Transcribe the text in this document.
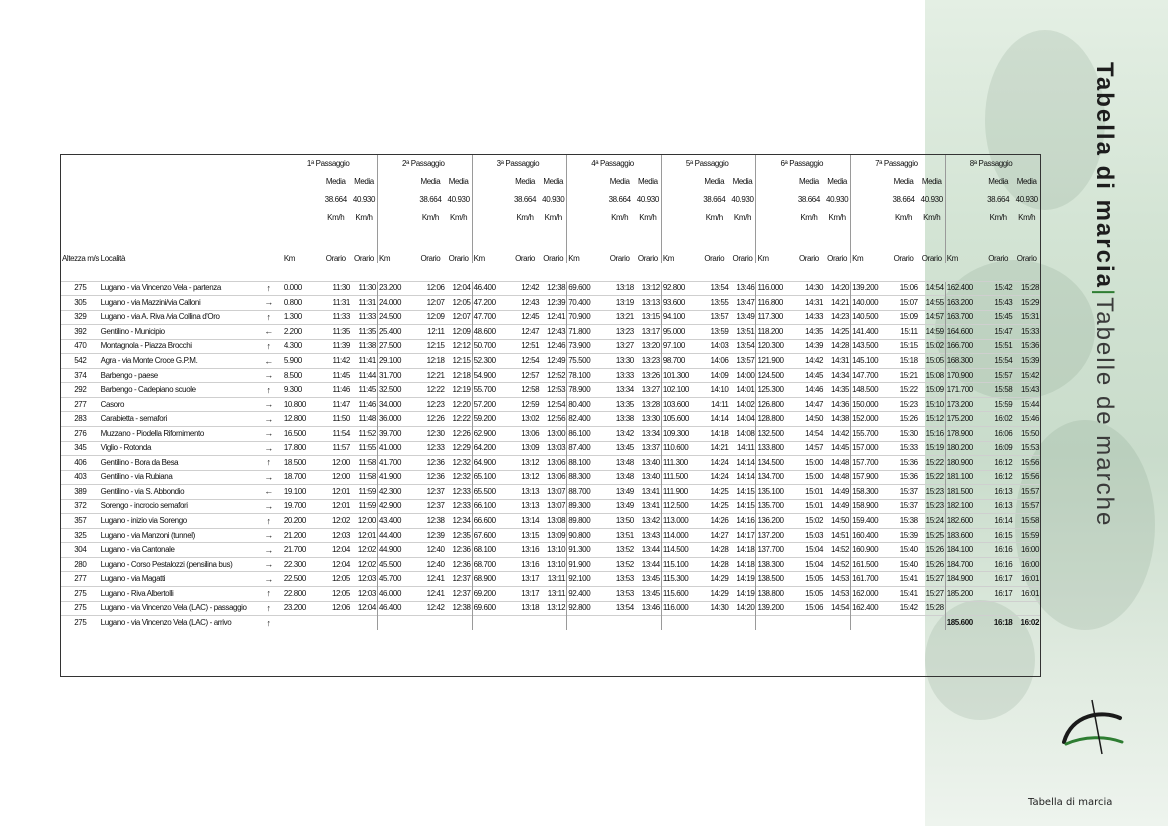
Tabella di marcia|Tabelle de marche
Tabella di marcia
			1$^a$ Passaggio			2$^a$ Passaggio			3$^a$ Passaggio			4$^a$ Passaggio			5$^a$ Passaggio			6$^a$ Passaggio			7$^a$ Passaggio			8$^a$ Passaggio		
				Media	Media		Media	Media		Media	Media		Media	Media		Media	Media		Media	Media		Media	Media		Media	Media
				38.664	40.930		38.664	40.930		38.664	40.930		38.664	40.930		38.664	40.930		38.664	40.930		38.664	40.930		38.664	40.930
				Km/h	Km/h		Km/h	Km/h		Km/h	Km/h		Km/h	Km/h		Km/h	Km/h		Km/h	Km/h		Km/h	Km/h		Km/h	Km/h
Altezza m/s	Località		Km	Orario	Orario	Km	Orario	Orario	Km	Orario	Orario	Km	Orario	Orario	Km	Orario	Orario	Km	Orario	Orario	Km	Orario	Orario	Km	Orario	Orario

275	Lugano - via Vincenzo Vela - partenza	↑	0.000	11:30	11:30	23.200	12:06	12:04	46.400	12:42	12:38	69.600	13:18	13:12	92.800	13:54	13:46	116.000	14:30	14:20	139.200	15:06	14:54	162.400	15:42	15:28
305	Lugano - via Mazzini/via Calloni	→	0.800	11:31	11:31	24.000	12:07	12:05	47.200	12:43	12:39	70.400	13:19	13:13	93.600	13:55	13:47	116.800	14:31	14:21	140.000	15:07	14:55	163.200	15:43	15:29
329	Lugano - via A. Riva /via Collina d'Oro	↑	1.300	11:33	11:33	24.500	12:09	12:07	47.700	12:45	12:41	70.900	13:21	13:15	94.100	13:57	13:49	117.300	14:33	14:23	140.500	15:09	14:57	163.700	15:45	15:31
392	Gentilino - Municipio	←	2.200	11:35	11:35	25.400	12:11	12:09	48.600	12:47	12:43	71.800	13:23	13:17	95.000	13:59	13:51	118.200	14:35	14:25	141.400	15:11	14:59	164.600	15:47	15:33
470	Montagnola - Piazza Brocchi	↑	4.300	11:39	11:38	27.500	12:15	12:12	50.700	12:51	12:46	73.900	13:27	13:20	97.100	14:03	13:54	120.300	14:39	14:28	143.500	15:15	15:02	166.700	15:51	15:36
542	Agra - via Monte Croce G.P.M.	←	5.900	11:42	11:41	29.100	12:18	12:15	52.300	12:54	12:49	75.500	13:30	13:23	98.700	14:06	13:57	121.900	14:42	14:31	145.100	15:18	15:05	168.300	15:54	15:39
374	Barbengo - paese	→	8.500	11:45	11:44	31.700	12:21	12:18	54.900	12:57	12:52	78.100	13:33	13:26	101.300	14:09	14:00	124.500	14:45	14:34	147.700	15:21	15:08	170.900	15:57	15:42
292	Barbengo - Cadepiano scuole	↑	9.300	11:46	11:45	32.500	12:22	12:19	55.700	12:58	12:53	78.900	13:34	13:27	102.100	14:10	14:01	125.300	14:46	14:35	148.500	15:22	15:09	171.700	15:58	15:43
277	Casoro	→	10.800	11:47	11:46	34.000	12:23	12:20	57.200	12:59	12:54	80.400	13:35	13:28	103.600	14:11	14:02	126.800	14:47	14:36	150.000	15:23	15:10	173.200	15:59	15:44
283	Carabietta - semafori	→	12.800	11:50	11:48	36.000	12:26	12:22	59.200	13:02	12:56	82.400	13:38	13:30	105.600	14:14	14:04	128.800	14:50	14:38	152.000	15:26	15:12	175.200	16:02	15:46
276	Muzzano - Piodella Rifornimento	→	16.500	11:54	11:52	39.700	12:30	12:26	62.900	13:06	13:00	86.100	13:42	13:34	109.300	14:18	14:08	132.500	14:54	14:42	155.700	15:30	15:16	178.900	16:06	15:50
345	Viglio - Rotonda	→	17.800	11:57	11:55	41.000	12:33	12:29	64.200	13:09	13:03	87.400	13:45	13:37	110.600	14:21	14:11	133.800	14:57	14:45	157.000	15:33	15:19	180.200	16:09	15:53
406	Gentilino - Bora da Besa	↑	18.500	12:00	11:58	41.700	12:36	12:32	64.900	13:12	13:06	88.100	13:48	13:40	111.300	14:24	14:14	134.500	15:00	14:48	157.700	15:36	15:22	180.900	16:12	15:56
403	Gentilino - via Rubiana	→	18.700	12:00	11:58	41.900	12:36	12:32	65.100	13:12	13:06	88.300	13:48	13:40	111.500	14:24	14:14	134.700	15:00	14:48	157.900	15:36	15:22	181.100	16:12	15:56
389	Gentilino - via S. Abbondio	←	19.100	12:01	11:59	42.300	12:37	12:33	65.500	13:13	13:07	88.700	13:49	13:41	111.900	14:25	14:15	135.100	15:01	14:49	158.300	15:37	15:23	181.500	16:13	15:57
372	Sorengo - incrocio semafori	→	19.700	12:01	11:59	42.900	12:37	12:33	66.100	13:13	13:07	89.300	13:49	13:41	112.500	14:25	14:15	135.700	15:01	14:49	158.900	15:37	15:23	182.100	16:13	15:57
357	Lugano - inizio via Sorengo	↑	20.200	12:02	12:00	43.400	12:38	12:34	66.600	13:14	13:08	89.800	13:50	13:42	113.000	14:26	14:16	136.200	15:02	14:50	159.400	15:38	15:24	182.600	16:14	15:58
325	Lugano - via Manzoni (tunnel)	→	21.200	12:03	12:01	44.400	12:39	12:35	67.600	13:15	13:09	90.800	13:51	13:43	114.000	14:27	14:17	137.200	15:03	14:51	160.400	15:39	15:25	183.600	16:15	15:59
304	Lugano - via Cantonale	→	21.700	12:04	12:02	44.900	12:40	12:36	68.100	13:16	13:10	91.300	13:52	13:44	114.500	14:28	14:18	137.700	15:04	14:52	160.900	15:40	15:26	184.100	16:16	16:00
280	Lugano - Corso Pestalozzi (pensilina bus)	→	22.300	12:04	12:02	45.500	12:40	12:36	68.700	13:16	13:10	91.900	13:52	13:44	115.100	14:28	14:18	138.300	15:04	14:52	161.500	15:40	15:26	184.700	16:16	16:00
277	Lugano - via Magatti	→	22.500	12:05	12:03	45.700	12:41	12:37	68.900	13:17	13:11	92.100	13:53	13:45	115.300	14:29	14:19	138.500	15:05	14:53	161.700	15:41	15:27	184.900	16:17	16:01
275	Lugano - Riva Albertolli	↑	22.800	12:05	12:03	46.000	12:41	12:37	69.200	13:17	13:11	92.400	13:53	13:45	115.600	14:29	14:19	138.800	15:05	14:53	162.000	15:41	15:27	185.200	16:17	16:01
275	Lugano - via Vincenzo Vela (LAC) - passaggio	↑	23.200	12:06	12:04	46.400	12:42	12:38	69.600	13:18	13:12	92.800	13:54	13:46	116.000	14:30	14:20	139.200	15:06	14:54	162.400	15:42	15:28			
275	Lugano - via Vincenzo Vela (LAC) - arrivo	↑																						185.600	16:18	16:02
